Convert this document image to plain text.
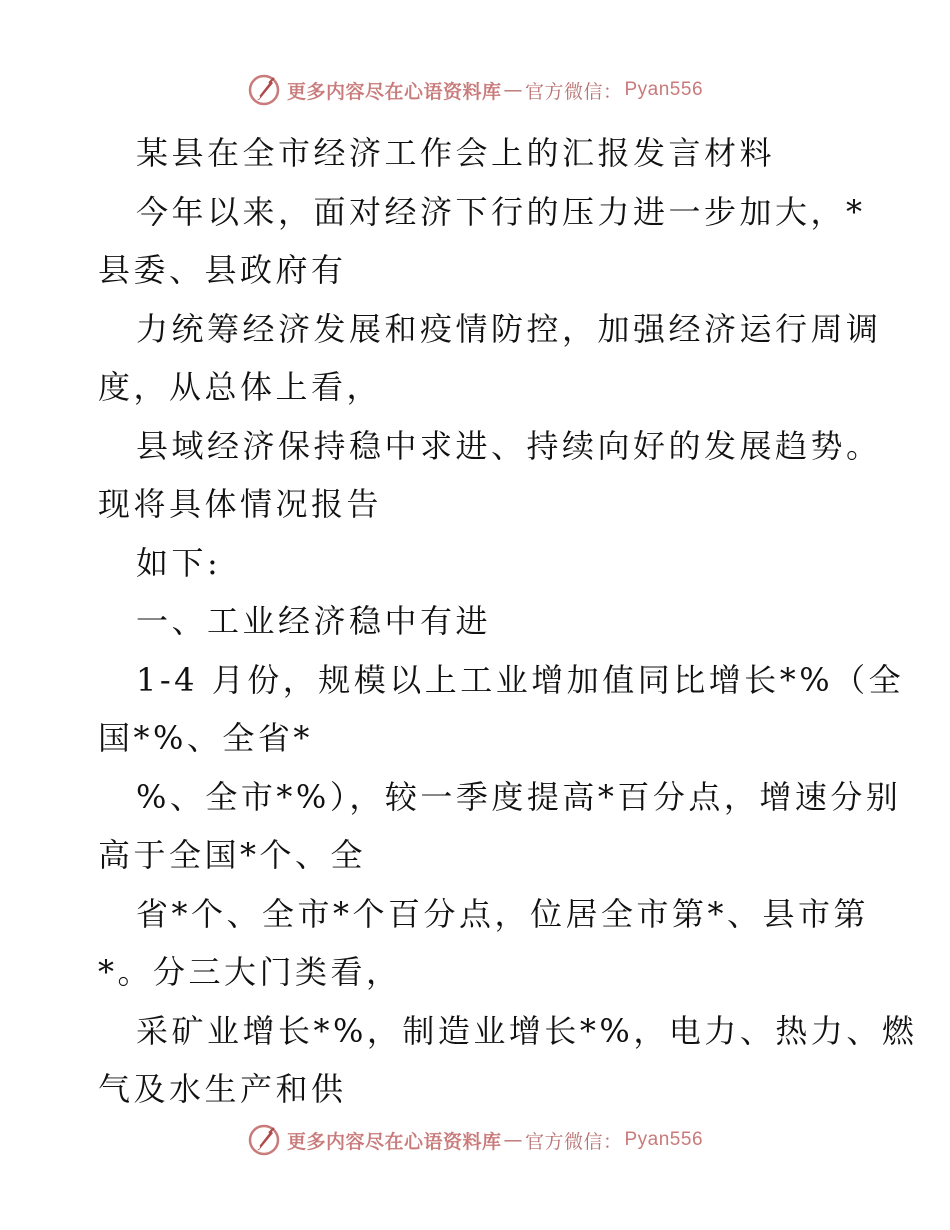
更多内容尽在心语资料库 — 官方微信： Pyan556
某县在全市经济工作会上的汇报发言材料
今年以来，面对经济下行的压力进一步加大，*
县委、县政府有
力统筹经济发展和疫情防控，加强经济运行周调
度，从总体上看，
县域经济保持稳中求进、持续向好的发展趋势。
现将具体情况报告
如下:
一、工业经济稳中有进
1-4 月份，规模以上工业增加值同比增长*%（全
国*%、全省*
%、全市*%），较一季度提高*百分点，增速分别
高于全国*个、全
省*个、全市*个百分点，位居全市第*、县市第
*。分三大门类看，
采矿业增长*%，制造业增长*%，电力、热力、燃
气及水生产和供
更多内容尽在心语资料库 — 官方微信： Pyan556
